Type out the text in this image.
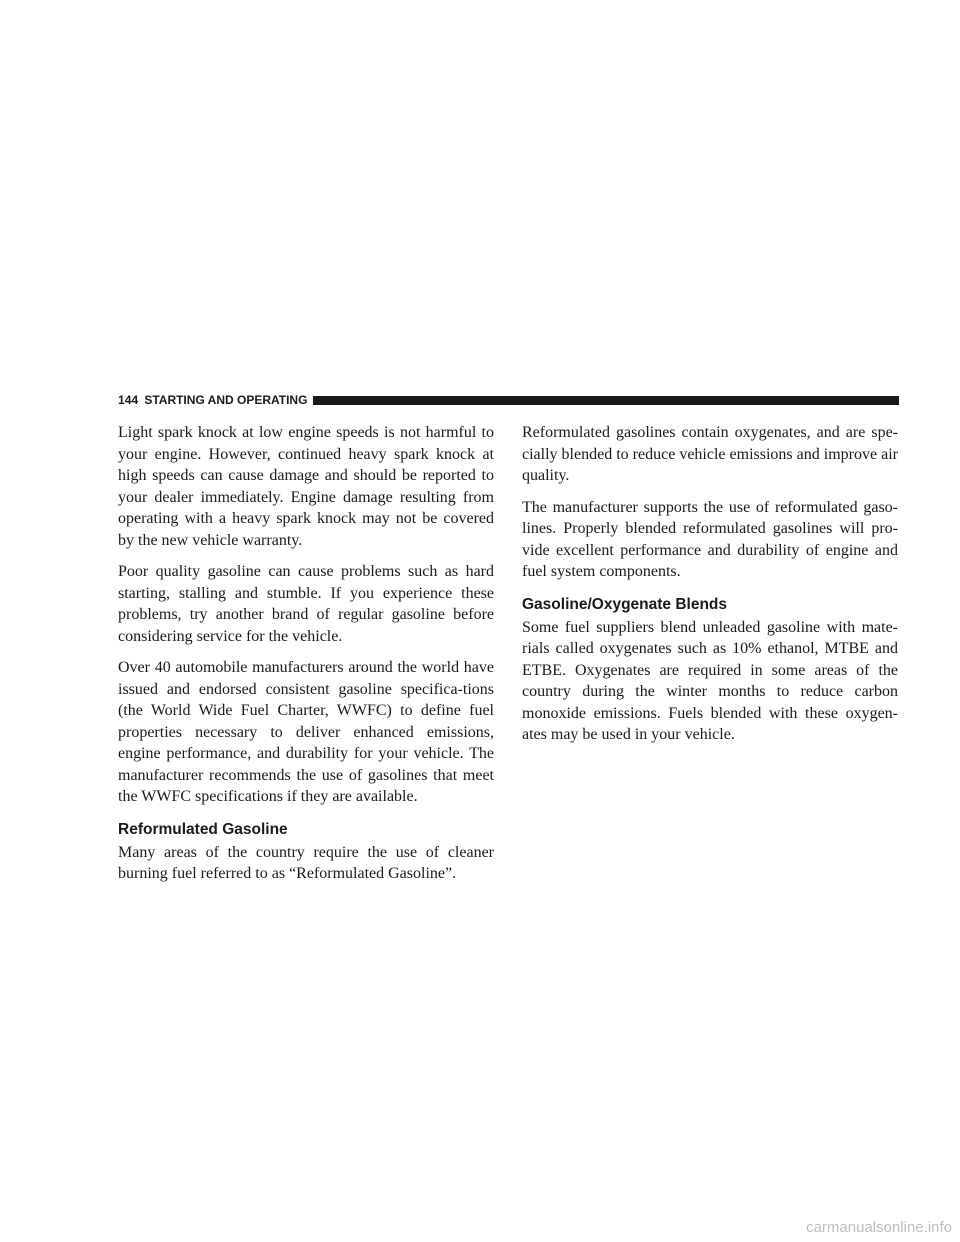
144 STARTING AND OPERATING

Light spark knock at low engine speeds is not harmful to your engine. However, continued heavy spark knock at high speeds can cause damage and should be reported to your dealer immediately. Engine damage resulting from operating with a heavy spark knock may not be covered by the new vehicle warranty.

Poor quality gasoline can cause problems such as hard starting, stalling and stumble. If you experience these problems, try another brand of regular gasoline before considering service for the vehicle.

Over 40 automobile manufacturers around the world have issued and endorsed consistent gasoline specifica-tions (the World Wide Fuel Charter, WWFC) to define fuel properties necessary to deliver enhanced emissions, engine performance, and durability for your vehicle. The manufacturer recommends the use of gasolines that meet the WWFC specifications if they are available.

Reformulated Gasoline

Many areas of the country require the use of cleaner burning fuel referred to as “Reformulated Gasoline”.

Reformulated gasolines contain oxygenates, and are spe-cially blended to reduce vehicle emissions and improve air quality.

The manufacturer supports the use of reformulated gaso-lines. Properly blended reformulated gasolines will pro-vide excellent performance and durability of engine and fuel system components.

Gasoline/Oxygenate Blends

Some fuel suppliers blend unleaded gasoline with mate-rials called oxygenates such as 10% ethanol, MTBE and ETBE. Oxygenates are required in some areas of the country during the winter months to reduce carbon monoxide emissions. Fuels blended with these oxygen-ates may be used in your vehicle.

carmanualsonline.info
